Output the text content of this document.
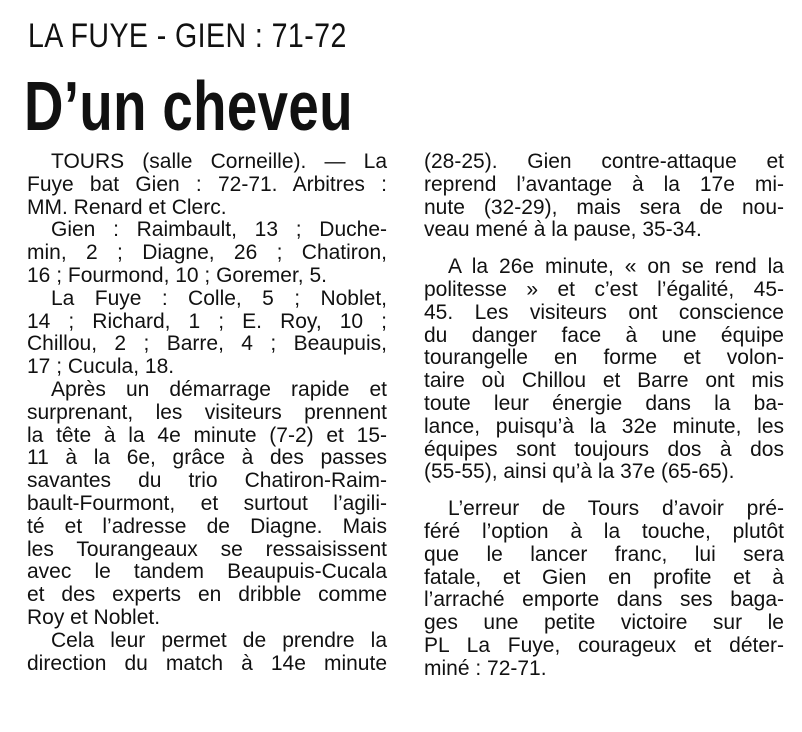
LA FUYE - GIEN : 71-72
D’un cheveu
TOURS (salle Corneille). — La
Fuye bat Gien : 72-71. Arbitres :
MM. Renard et Clerc.
Gien : Raimbault, 13 ; Duche-
min, 2 ; Diagne, 26 ; Chatiron,
16 ; Fourmond, 10 ; Goremer, 5.
La Fuye : Colle, 5 ; Noblet,
14 ; Richard, 1 ; E. Roy, 10 ;
Chillou, 2 ; Barre, 4 ; Beaupuis,
17 ; Cucula, 18.
Après un démarrage rapide et
surprenant, les visiteurs prennent
la tête à la 4e minute (7-2) et 15-
11 à la 6e, grâce à des passes
savantes du trio Chatiron-Raim-
bault-Fourmont, et surtout l’agili-
té et l’adresse de Diagne. Mais
les Tourangeaux se ressaisissent
avec le tandem Beaupuis-Cucala
et des experts en dribble comme
Roy et Noblet.
Cela leur permet de prendre la
direction du match à 14e minute
(28-25). Gien contre-attaque et
reprend l’avantage à la 17e mi-
nute (32-29), mais sera de nou-
veau mené à la pause, 35-34.
A la 26e minute, « on se rend la
politesse » et c’est l’égalité, 45-
45. Les visiteurs ont conscience
du danger face à une équipe
tourangelle en forme et volon-
taire où Chillou et Barre ont mis
toute leur énergie dans la ba-
lance, puisqu’à la 32e minute, les
équipes sont toujours dos à dos
(55-55), ainsi qu’à la 37e (65-65).
L’erreur de Tours d’avoir pré-
féré l’option à la touche, plutôt
que le lancer franc, lui sera
fatale, et Gien en profite et à
l’arraché emporte dans ses baga-
ges une petite victoire sur le
PL La Fuye, courageux et déter-
miné : 72-71.
